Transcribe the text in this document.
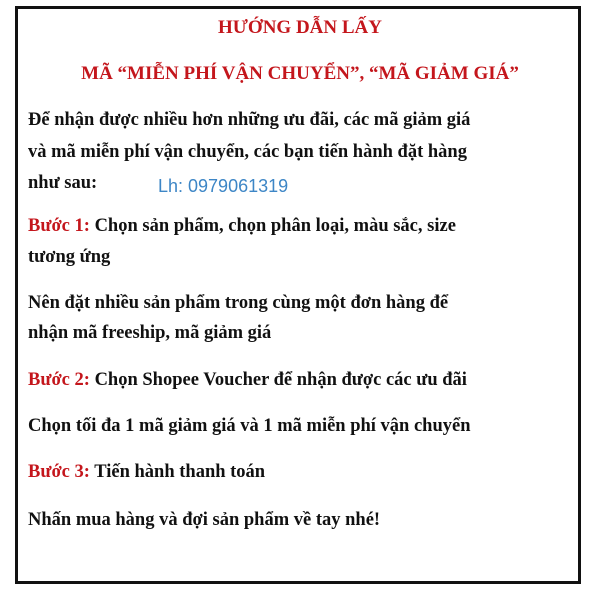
HƯỚNG DẪN LẤY
MÃ “MIỄN PHÍ VẬN CHUYỂN”, “MÃ GIẢM GIÁ”
Để nhận được nhiều hơn những ưu đãi, các mã giảm giá
và mã miễn phí vận chuyển, các bạn tiến hành đặt hàng
như sau:	Lh: 0979061319
Bước 1: Chọn sản phẩm, chọn phân loại, màu sắc, size
tương ứng
Nên đặt nhiều sản phẩm trong cùng một đơn hàng để
nhận mã freeship, mã giảm giá
Bước 2: Chọn Shopee Voucher để nhận được các ưu đãi
Chọn tối đa 1 mã giảm giá và 1 mã miễn phí vận chuyển
Bước 3: Tiến hành thanh toán
Nhấn mua hàng và đợi sản phẩm về tay nhé!
